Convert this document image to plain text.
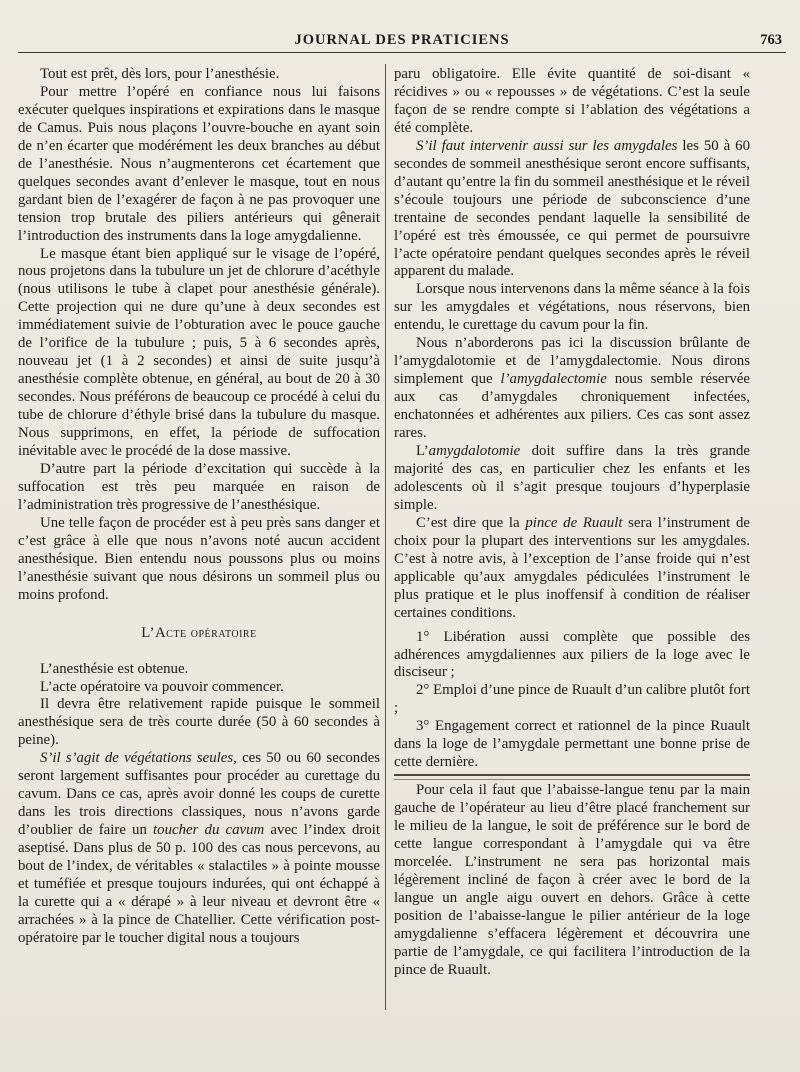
JOURNAL DES PRATICIENS	763

Tout est prêt, dès lors, pour l’anesthésie.

Pour mettre l’opéré en confiance nous lui faisons exécuter quelques inspirations et expirations dans le masque de Camus. Puis nous plaçons l’ouvre-bouche en ayant soin de n’en écarter que modérément les deux branches au début de l’anesthésie. Nous n’augmenterons cet écartement que quelques secondes avant d’enlever le masque, tout en nous gardant bien de l’exagérer de façon à ne pas provoquer une tension trop brutale des piliers antérieurs qui gênerait l’introduction des instruments dans la loge amygdalienne.

Le masque étant bien appliqué sur le visage de l’opéré, nous projetons dans la tubulure un jet de chlorure d’acéthyle (nous utilisons le tube à clapet pour anesthésie générale). Cette projection qui ne dure qu’une à deux secondes est immédiatement suivie de l’obturation avec le pouce gauche de l’orifice de la tubulure ; puis, 5 à 6 secondes après, nouveau jet (1 à 2 secondes) et ainsi de suite jusqu’à anesthésie complète obtenue, en général, au bout de 20 à 30 secondes. Nous préférons de beaucoup ce procédé à celui du tube de chlorure d’éthyle brisé dans la tubulure du masque. Nous supprimons, en effet, la période de suffocation inévitable avec le procédé de la dose massive.

D’autre part la période d’excitation qui succède à la suffocation est très peu marquée en raison de l’administration très progressive de l’anesthésique.

Une telle façon de procéder est à peu près sans danger et c’est grâce à elle que nous n’avons noté aucun accident anesthésique. Bien entendu nous poussons plus ou moins l’anesthésie suivant que nous désirons un sommeil plus ou moins profond.

L’Acte opératoire

L’anesthésie est obtenue.

L’acte opératoire va pouvoir commencer.

Il devra être relativement rapide puisque le sommeil anesthésique sera de très courte durée (50 à 60 secondes à peine).

S’il s’agit de végétations seules, ces 50 ou 60 secondes seront largement suffisantes pour procéder au curettage du cavum. Dans ce cas, après avoir donné les coups de curette dans les trois directions classiques, nous n’avons garde d’oublier de faire un toucher du cavum avec l’index droit aseptisé. Dans plus de 50 p. 100 des cas nous percevons, au bout de l’index, de véritables « stalactiles » à pointe mousse et tuméfiée et presque toujours indurées, qui ont échappé à la curette qui a « dérapé » à leur niveau et devront être « arrachées » à la pince de Chatellier. Cette vérification post-opératoire par le toucher digital nous a toujours

paru obligatoire. Elle évite quantité de soi-disant « récidives » ou « repousses » de végétations. C’est la seule façon de se rendre compte si l’ablation des végétations a été complète.

S’il faut intervenir aussi sur les amygdales les 50 à 60 secondes de sommeil anesthésique seront encore suffisants, d’autant qu’entre la fin du sommeil anesthésique et le réveil s’écoule toujours une période de subconscience d’une trentaine de secondes pendant laquelle la sensibilité de l’opéré est très émoussée, ce qui permet de poursuivre l’acte opératoire pendant quelques secondes après le réveil apparent du malade.

Lorsque nous intervenons dans la même séance à la fois sur les amygdales et végétations, nous réservons, bien entendu, le curettage du cavum pour la fin.

Nous n’aborderons pas ici la discussion brûlante de l’amygdalotomie et de l’amygdalectomie. Nous dirons simplement que l’amygdalectomie nous semble réservée aux cas d’amygdales chroniquement infectées, enchatonnées et adhérentes aux piliers. Ces cas sont assez rares.

L’amygdalotomie doit suffire dans la très grande majorité des cas, en particulier chez les enfants et les adolescents où il s’agit presque toujours d’hyperplasie simple.

C’est dire que la pince de Ruault sera l’instrument de choix pour la plupart des interventions sur les amygdales. C’est à notre avis, à l’exception de l’anse froide qui n’est applicable qu’aux amygdales pédiculées l’instrument le plus pratique et le plus inoffensif à condition de réaliser certaines conditions.

1° Libération aussi complète que possible des adhérences amygdaliennes aux piliers de la loge avec le disciseur ;

2° Emploi d’une pince de Ruault d’un calibre plutôt fort ;

3° Engagement correct et rationnel de la pince Ruault dans la loge de l’amygdale permettant une bonne prise de cette dernière.

Pour cela il faut que l’abaisse-langue tenu par la main gauche de l’opérateur au lieu d’être placé franchement sur le milieu de la langue, le soit de préférence sur le bord de cette langue correspondant à l’amygdale qui va être morcelée. L’instrument ne sera pas horizontal mais légèrement incliné de façon à créer avec le bord de la langue un angle aigu ouvert en dehors. Grâce à cette position de l’abaisse-langue le pilier antérieur de la loge amygdalienne s’effacera légèrement et découvrira une partie de l’amygdale, ce qui facilitera l’introduction de la pince de Ruault.
